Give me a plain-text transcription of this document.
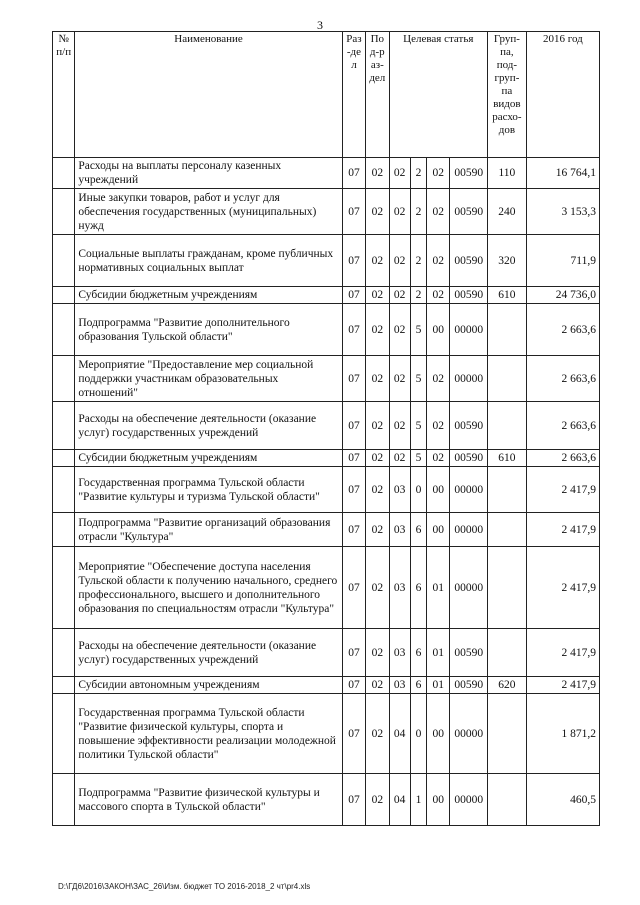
3
№ п/п	Наименование	Раз-дел	Под-раз-дел	Целевая статья				Груп-па, под-груп-па видов расхо-дов	2016 год
	Расходы на выплаты персоналу казенных учреждений	07	02	02	2	02	00590	110	16 764,1
	Иные закупки товаров, работ и услуг для обеспечения государственных (муниципальных) нужд	07	02	02	2	02	00590	240	3 153,3
	Социальные выплаты гражданам, кроме публичных нормативных социальных выплат	07	02	02	2	02	00590	320	711,9
	Субсидии бюджетным учреждениям	07	02	02	2	02	00590	610	24 736,0
	Подпрограмма "Развитие дополнительного образования Тульской области"	07	02	02	5	00	00000		2 663,6
	Мероприятие "Предоставление мер социальной поддержки участникам образовательных отношений"	07	02	02	5	02	00000		2 663,6
	Расходы на обеспечение деятельности (оказание услуг) государственных учреждений	07	02	02	5	02	00590		2 663,6
	Субсидии бюджетным учреждениям	07	02	02	5	02	00590	610	2 663,6
	Государственная программа Тульской области "Развитие культуры и туризма Тульской области"	07	02	03	0	00	00000		2 417,9
	Подпрограмма "Развитие организаций образования отрасли "Культура"	07	02	03	6	00	00000		2 417,9
	Мероприятие "Обеспечение доступа населения Тульской области к получению начального, среднего профессионального, высшего и дополнительного образования по специальностям отрасли "Культура"	07	02	03	6	01	00000		2 417,9
	Расходы на обеспечение деятельности (оказание услуг) государственных учреждений	07	02	03	6	01	00590		2 417,9
	Субсидии автономным учреждениям	07	02	03	6	01	00590	620	2 417,9
	Государственная программа Тульской области "Развитие физической культуры, спорта и повышение эффективности реализации молодежной политики Тульской области"	07	02	04	0	00	00000		1 871,2
	Подпрограмма "Развитие физической культуры и массового спорта в Тульской области"	07	02	04	1	00	00000		460,5
D:\ГД6\2016\ЗАКОН\ЗАС_26\Изм. бюджет ТО 2016-2018_2 чт\pr4.xls
